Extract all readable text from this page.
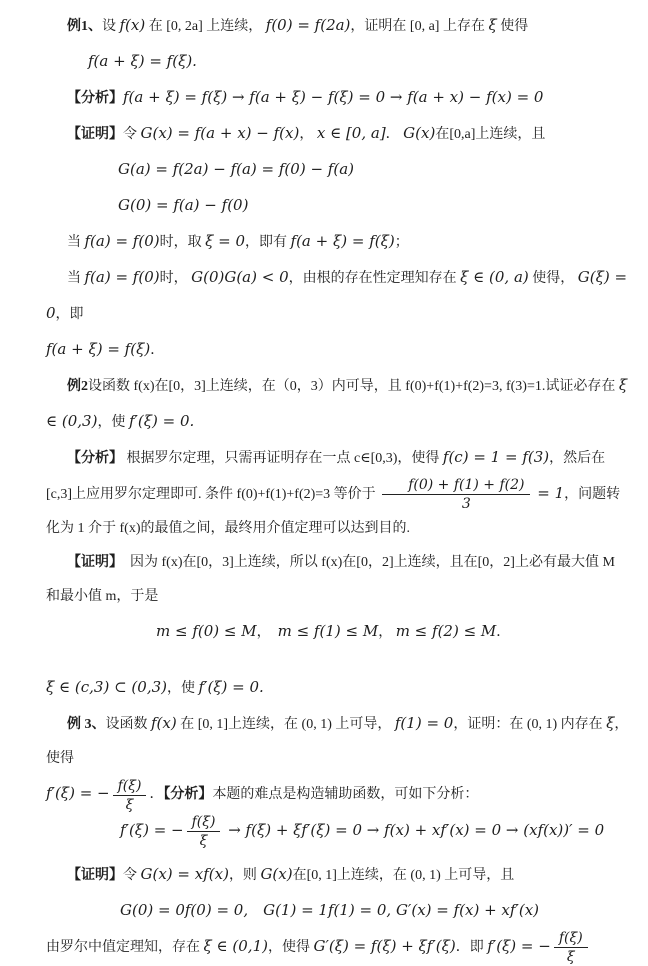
例1、设 f(x) 在 [0, 2a] 上连续， f(0) = f(2a)，证明在 [0, a] 上存在 ξ 使得

f(a + ξ) = f(ξ).

【分析】f(a + ξ) = f(ξ) → f(a + ξ) − f(ξ) = 0 → f(a + x) − f(x) = 0

【证明】令 G(x) = f(a + x) − f(x)， x ∈ [0, a]． G(x)在[0,a]上连续，且

G(a) = f(2a) − f(a) = f(0) − f(a)

G(0) = f(a) − f(0)

当 f(a) = f(0)时，取 ξ = 0，即有 f(a + ξ) = f(ξ)；

当 f(a) = f(0)时， G(0)G(a) < 0，由根的存在性定理知存在 ξ ∈ (0, a) 使得， G(ξ) = 0，即

f(a + ξ) = f(ξ)．

例2设函数 f(x)在[0，3]上连续，在（0，3）内可导，且 f(0)+f(1)+f(2)=3, f(3)=1.试证必存在 ξ ∈ (0,3)，使 f′(ξ) = 0.

【分析】 根据罗尔定理，只需再证明存在一点 c∈[0,3)，使得 f(c) = 1 = f(3)，然后在[c,3]上应用罗尔定理即可. 条件 f(0)+f(1)+f(2)=3 等价于 $\frac{f(0) + f(1) + f(2)}{3} = 1$，问题转化为 1 介于 f(x)的最值之间，最终用介值定理可以达到目的.

【证明】　因为 f(x)在[0，3]上连续，所以 f(x)在[0，2]上连续，且在[0，2]上必有最大值 M 和最小值 m，于是

m ≤ f(0) ≤ M，　m ≤ f(1) ≤ M， m ≤ f(2) ≤ M．

ξ ∈ (c,3) ⊂ (0,3)，使 f′(ξ) = 0.

例 3、设函数 f(x) 在 [0, 1]上连续，在 (0, 1) 上可导， f(1) = 0，证明：在 (0, 1) 内存在 ξ，使得

f′(ξ) = − $\frac{f(\xi)}{\xi}$ ．【分析】本题的难点是构造辅助函数，可如下分析：

f′(ξ) = − $\frac{f(\xi)}{\xi} \to f(\xi) + \xi f'(\xi) = 0 \to f(x) + xf'(x) = 0 \to (xf(x))' = 0$

【证明】令 G(x) = xf(x)，则 G(x)在[0, 1]上连续，在 (0, 1) 上可导，且

G(0) = 0f(0) = 0,　G(1) = 1f(1) = 0, G′(x) = f(x) + xf′(x)

由罗尔中值定理知，存在 ξ ∈ (0,1)，使得 G′(ξ) = f(ξ) + ξf′(ξ)．即 f′(ξ) = − $\frac{f(\xi)}{\xi}$
